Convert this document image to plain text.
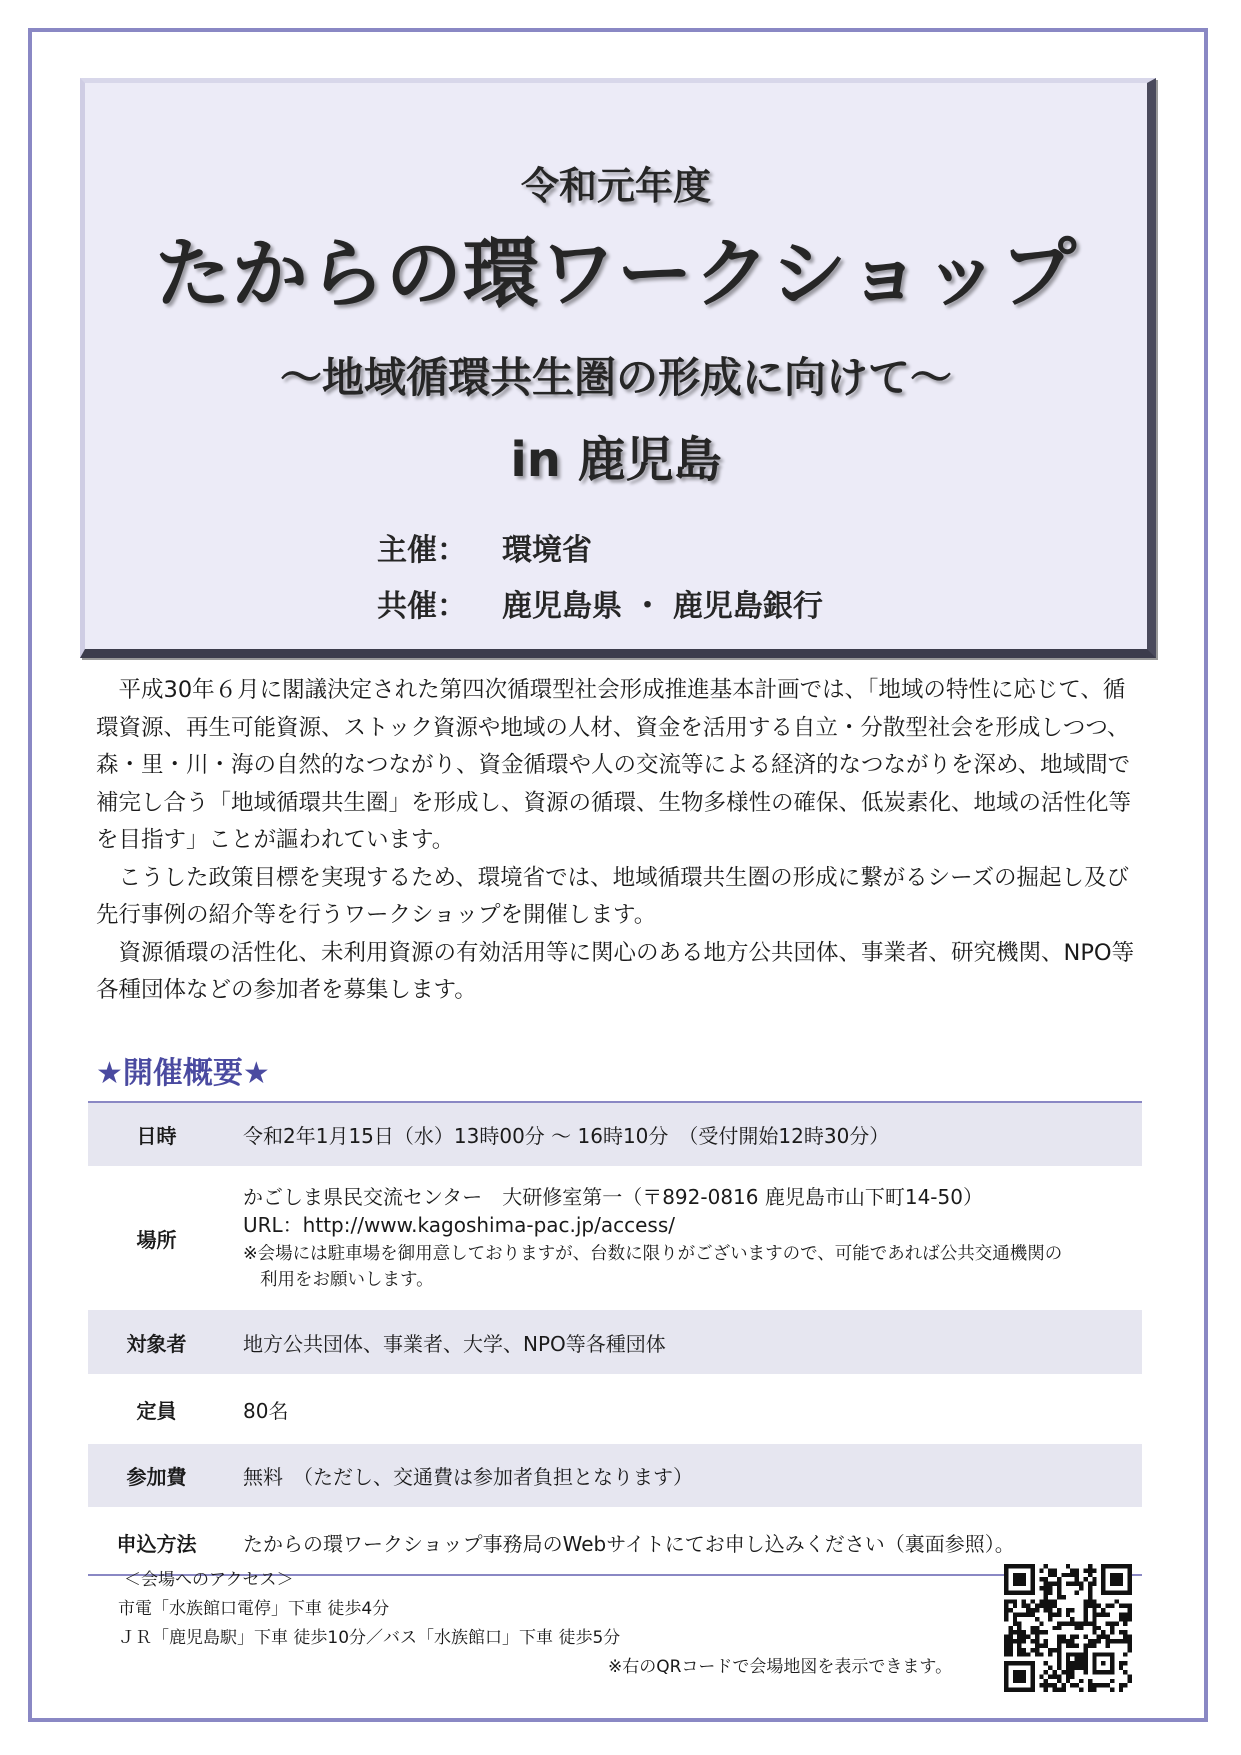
令和元年度
たからの環ワークショップ
～地域循環共生圏の形成に向けて～
in 鹿児島
主催： 環境省
共催： 鹿児島県 ・ 鹿児島銀行

平成30年６月に閣議決定された第四次循環型社会形成推進基本計画では、「地域の特性に応じて、循環資源、再生可能資源、ストック資源や地域の人材、資金を活用する自立・分散型社会を形成しつつ、森・里・川・海の自然的なつながり、資金循環や人の交流等による経済的なつながりを深め、地域間で補完し合う「地域循環共生圏」を形成し、資源の循環、生物多様性の確保、低炭素化、地域の活性化等を目指す」ことが謳われています。

こうした政策目標を実現するため、環境省では、地域循環共生圏の形成に繋がるシーズの掘起し及び先行事例の紹介等を行うワークショップを開催します。

資源循環の活性化、未利用資源の有効活用等に関心のある地方公共団体、事業者、研究機関、NPO等各種団体などの参加者を募集します。

★開催概要★
日時	令和2年1月15日（水）13時00分 ～ 16時10分　（受付開始12時30分）

場所	かごしま県民交流センター　大研修室第一（〒892-0816 鹿児島市山下町14-50）
URL：http://www.kagoshima-pac.jp/access/
※会場には駐車場を御用意しておりますが、台数に限りがございますので、可能であれば公共交通機関の
利用をお願いします。

対象者	地方公共団体、事業者、大学、NPO等各種団体

定員	80名

参加費	無料　（ただし、交通費は参加者負担となります）

申込方法	たからの環ワークショップ事務局のWebサイトにてお申し込みください（裏面参照）。
＜会場へのアクセス＞
市電「水族館口電停」下車 徒歩4分
ＪＲ「鹿児島駅」下車 徒歩10分／バス「水族館口」下車 徒歩5分
※右のQRコードで会場地図を表示できます。
